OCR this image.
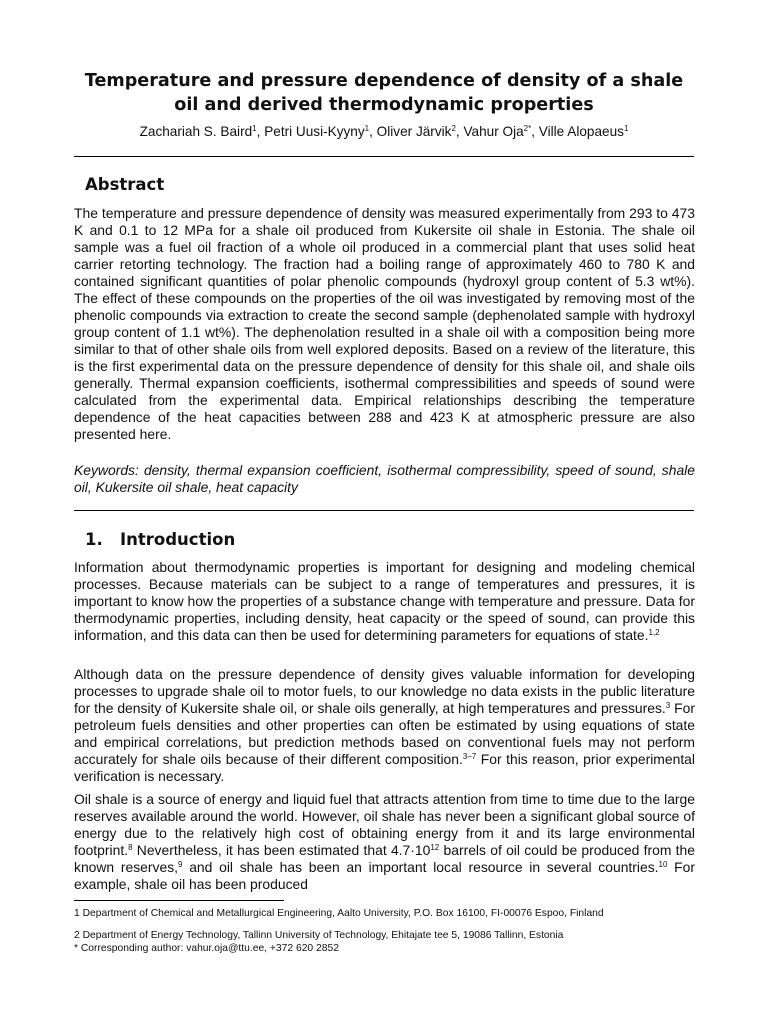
Temperature and pressure dependence of density of a shale
oil and derived thermodynamic properties
Zachariah S. Baird$^1$, Petri Uusi-Kyyny$^1$, Oliver Järvik$^2$, Vahur Oja$^{2*}$, Ville Alopaeus$^1$
Abstract
The temperature and pressure dependence of density was measured experimentally from 293 to 473 K and 0.1 to 12 MPa for a shale oil produced from Kukersite oil shale in Estonia. The shale oil sample was a fuel oil fraction of a whole oil produced in a commercial plant that uses solid heat carrier retorting technology. The fraction had a boiling range of approximately 460 to 780 K and contained significant quantities of polar phenolic compounds (hydroxyl group content of 5.3 wt%). The effect of these compounds on the properties of the oil was investigated by removing most of the phenolic compounds via extraction to create the second sample (dephenolated sample with hydroxyl group content of 1.1 wt%). The dephenolation resulted in a shale oil with a composition being more similar to that of other shale oils from well explored deposits. Based on a review of the literature, this is the first experimental data on the pressure dependence of density for this shale oil, and shale oils generally. Thermal expansion coefficients, isothermal compressibilities and speeds of sound were calculated from the experimental data. Empirical relationships describing the temperature dependence of the heat capacities between 288 and 423 K at atmospheric pressure are also presented here.
Keywords: density, thermal expansion coefficient, isothermal compressibility, speed of sound, shale oil, Kukersite oil shale, heat capacity
1. Introduction
Information about thermodynamic properties is important for designing and modeling chemical processes. Because materials can be subject to a range of temperatures and pressures, it is important to know how the properties of a substance change with temperature and pressure. Data for thermodynamic properties, including density, heat capacity or the speed of sound, can provide this information, and this data can then be used for determining parameters for equations of state.$^{1,2}$
Although data on the pressure dependence of density gives valuable information for developing processes to upgrade shale oil to motor fuels, to our knowledge no data exists in the public literature for the density of Kukersite shale oil, or shale oils generally, at high temperatures and pressures.$^3$ For petroleum fuels densities and other properties can often be estimated by using equations of state and empirical correlations, but prediction methods based on conventional fuels may not perform accurately for shale oils because of their different composition.$^{3-7}$ For this reason, prior experimental verification is necessary.
Oil shale is a source of energy and liquid fuel that attracts attention from time to time due to the large reserves available around the world. However, oil shale has never been a significant global source of energy due to the relatively high cost of obtaining energy from it and its large environmental footprint.$^8$ Nevertheless, it has been estimated that $4.7\cdot 10^{12}$ barrels of oil could be produced from the known reserves,$^9$ and oil shale has been an important local resource in several countries.$^{10}$ For example, shale oil has been produced
1 Department of Chemical and Metallurgical Engineering, Aalto University, P.O. Box 16100, FI-00076 Espoo, Finland
2 Department of Energy Technology, Tallinn University of Technology, Ehitajate tee 5, 19086 Tallinn, Estonia
* Corresponding author: vahur.oja@ttu.ee, +372 620 2852
